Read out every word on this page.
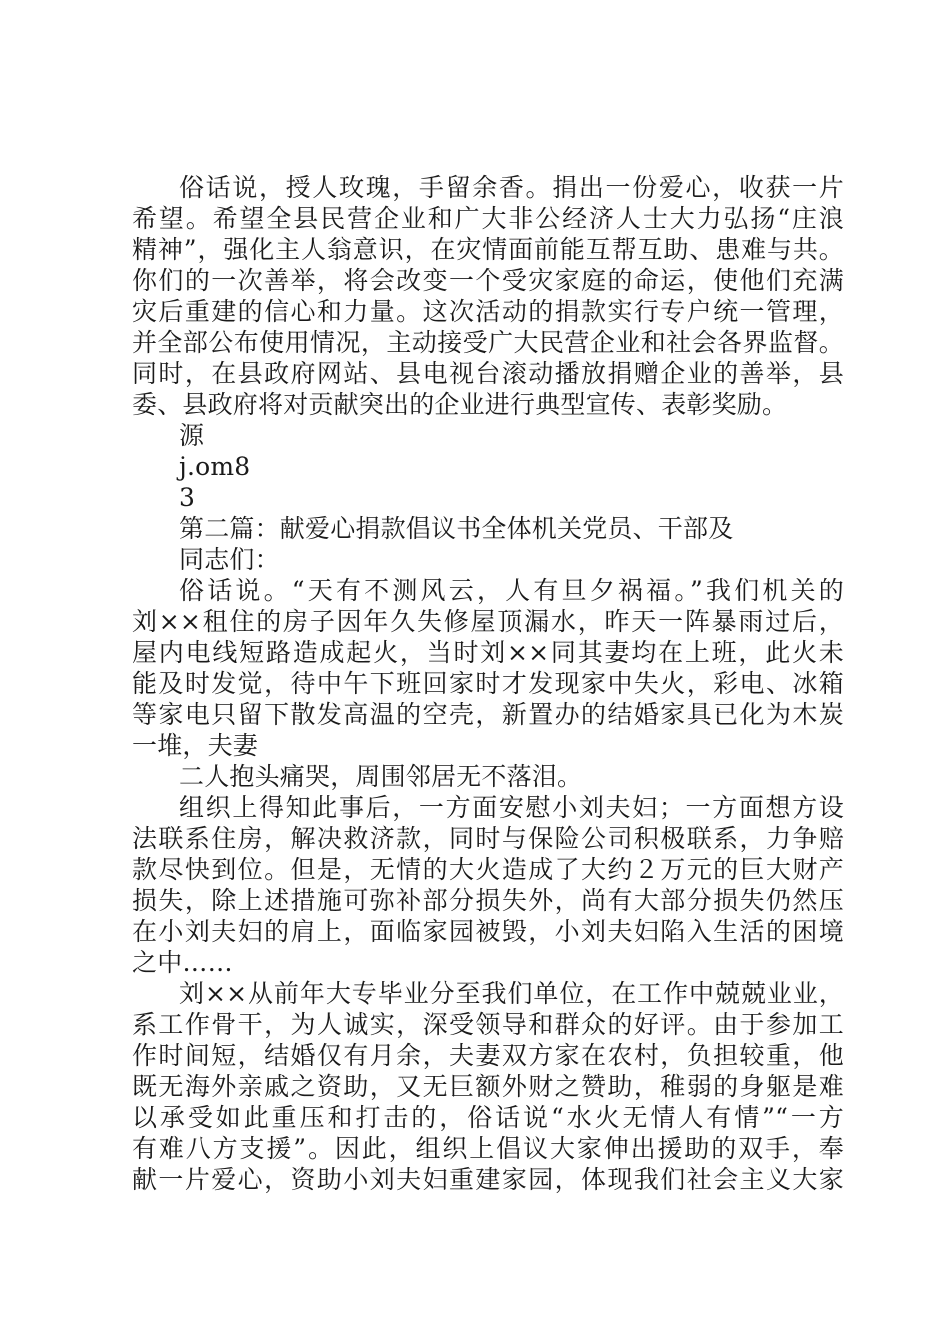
俗话说，授人玫瑰，手留余香。捐出一份爱心，收获一片
希望。希望全县民营企业和广大非公经济人士大力弘扬“庄浪
精神”，强化主人翁意识，在灾情面前能互帮互助、患难与共。
你们的一次善举，将会改变一个受灾家庭的命运，使他们充满
灾后重建的信心和力量。这次活动的捐款实行专户统一管理，
并全部公布使用情况，主动接受广大民营企业和社会各界监督。
同时，在县政府网站、县电视台滚动播放捐赠企业的善举，县
委、县政府将对贡献突出的企业进行典型宣传、表彰奖励。
源
j.om8
3
第二篇：献爱心捐款倡议书全体机关党员、干部及
同志们：
俗话说。“天有不测风云，人有旦夕祸福。”我们机关的
刘××租住的房子因年久失修屋顶漏水，昨天一阵暴雨过后，
屋内电线短路造成起火，当时刘××同其妻均在上班，此火未
能及时发觉，待中午下班回家时才发现家中失火，彩电、冰箱
等家电只留下散发高温的空壳，新置办的结婚家具已化为木炭
一堆，夫妻
二人抱头痛哭，周围邻居无不落泪。
组织上得知此事后，一方面安慰小刘夫妇；一方面想方设
法联系住房，解决救济款，同时与保险公司积极联系，力争赔
款尽快到位。但是，无情的大火造成了大约２万元的巨大财产
损失，除上述措施可弥补部分损失外，尚有大部分损失仍然压
在小刘夫妇的肩上，面临家园被毁，小刘夫妇陷入生活的困境
之中……
刘××从前年大专毕业分至我们单位，在工作中兢兢业业，
系工作骨干，为人诚实，深受领导和群众的好评。由于参加工
作时间短，结婚仅有月余，夫妻双方家在农村，负担较重，他
既无海外亲戚之资助，又无巨额外财之赞助，稚弱的身躯是难
以承受如此重压和打击的，俗话说“水火无情人有情”“一方
有难八方支援”。因此，组织上倡议大家伸出援助的双手，奉
献一片爱心，资助小刘夫妇重建家园，体现我们社会主义大家
